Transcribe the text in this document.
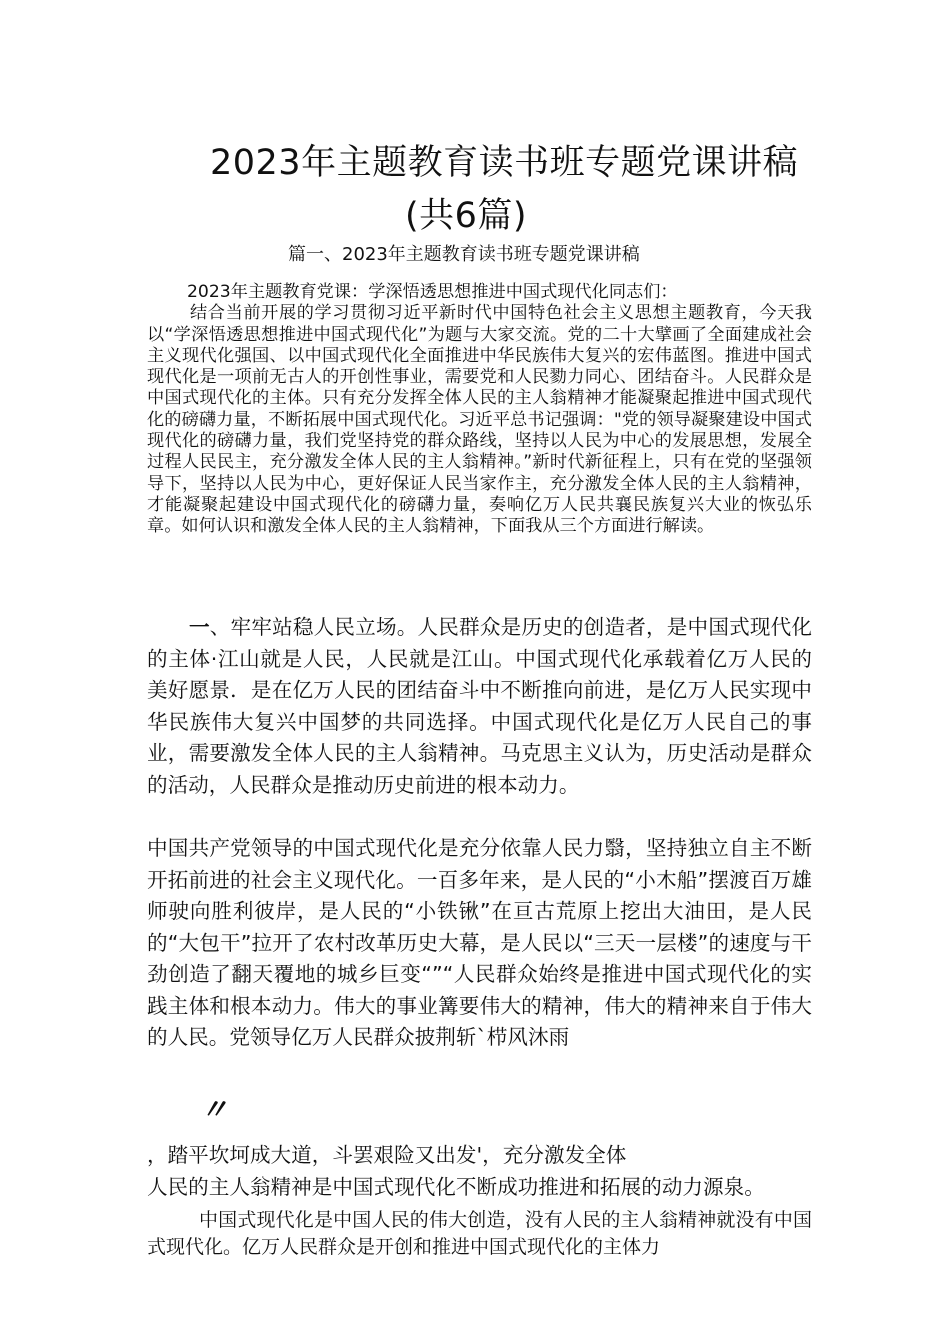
2023年主题教育读书班专题党课讲稿
(共6篇)
篇一、2023年主题教育读书班专题党课讲稿

2023年主题教育党课：学深悟透思想推进中国式现代化同志们：

结合当前开展的学习贯彻习近平新时代中国特色社会主义思想主题教育，今天我以“学深悟透思想推进中国式现代化”为题与大家交流。党的二十大擘画了全面建成社会主义现代化强国、以中国式现代化全面推进中华民族伟大复兴的宏伟蓝图。推进中国式现代化是一项前无古人的开创性事业，需要党和人民勠力同心、团结奋斗。人民群众是中国式现代化的主体。只有充分发挥全体人民的主人翁精神才能凝聚起推进中国式现代化的磅礴力量，不断拓展中国式现代化。习近平总书记强调："党的领导凝聚建设中国式现代化的磅礴力量，我们党坚持党的群众路线，坚持以人民为中心的发展思想，发展全过程人民民主，充分激发全体人民的主人翁精神。”新时代新征程上，只有在党的坚强领导下，坚持以人民为中心，更好保证人民当家作主，充分激发全体人民的主人翁精神，才能凝聚起建设中国式现代化的磅礴力量，奏响亿万人民共襄民族复兴大业的恢弘乐章。如何认识和激发全体人民的主人翁精神，下面我从三个方面进行解读。

一、牢牢站稳人民立场。人民群众是历史的创造者，是中国式现代化的主体·江山就是人民，人民就是江山。中国式现代化承载着亿万人民的美好愿景．是在亿万人民的团结奋斗中不断推向前进，是亿万人民实现中华民族伟大复兴中国梦的共同选择。中国式现代化是亿万人民自己的事业，需要激发全体人民的主人翁精神。马克思主义认为，历史活动是群众的活动，人民群众是推动历史前进的根本动力。

中国共产党领导的中国式现代化是充分依靠人民力翳，坚持独立自主不断开拓前进的社会主义现代化。一百多年来，是人民的“小木船”摆渡百万雄师驶向胜利彼岸，是人民的“小铁锹”在亘古荒原上挖出大油田，是人民的“大包干”拉开了农村改革历史大幕，是人民以“三天一层楼”的速度与干劲创造了翻天覆地的城乡巨变“”“人民群众始终是推进中国式现代化的实践主体和根本动力。伟大的事业篝要伟大的精神，伟大的精神来自于伟大的人民。党领导亿万人民群众披荆斩`栉风沐雨

〃

，踏平坎坷成大道，斗罢艰险又出发'，充分激发全体

人民的主人翁精神是中国式现代化不断成功推进和拓展的动力源泉。

中国式现代化是中国人民的伟大创造，没有人民的主人翁精神就没有中国式现代化。亿万人民群众是开创和推进中国式现代化的主体力
